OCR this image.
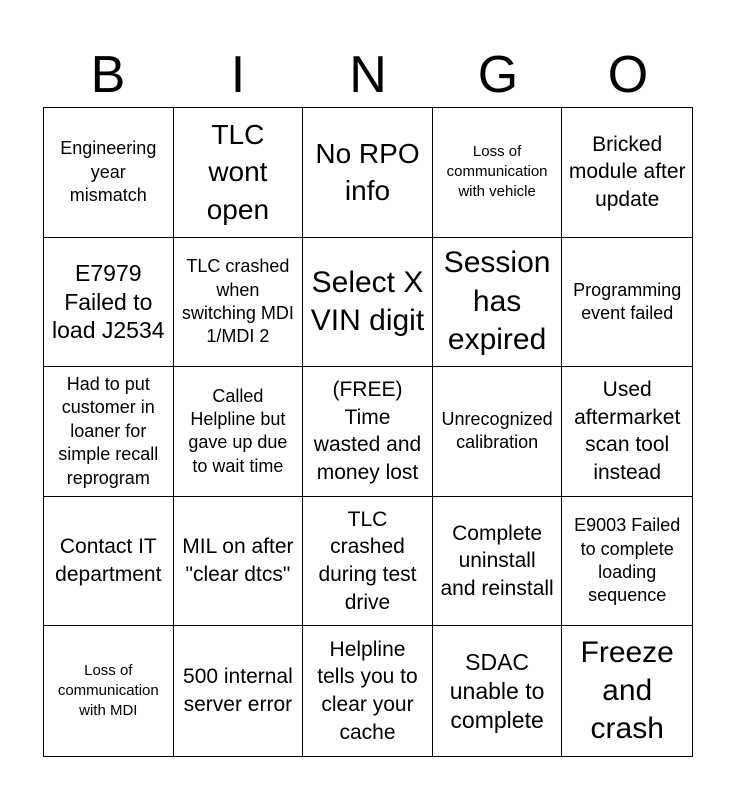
B	I	N	G	O
Engineering year mismatch
TLC wont open
No RPO info
Loss of communication with vehicle
Bricked module after update
E7979 Failed to load J2534
TLC crashed when switching MDI 1/MDI 2
Select X VIN digit
Session has expired
Programming event failed
Had to put customer in loaner for simple recall reprogram
Called Helpline but gave up due to wait time
(FREE) Time wasted and money lost
Unrecognized calibration
Used aftermarket scan tool instead
Contact IT department
MIL on after "clear dtcs"
TLC crashed during test drive
Complete uninstall and reinstall
E9003 Failed to complete loading sequence
Loss of communication with MDI
500 internal server error
Helpline tells you to clear your cache
SDAC unable to complete
Freeze and crash
